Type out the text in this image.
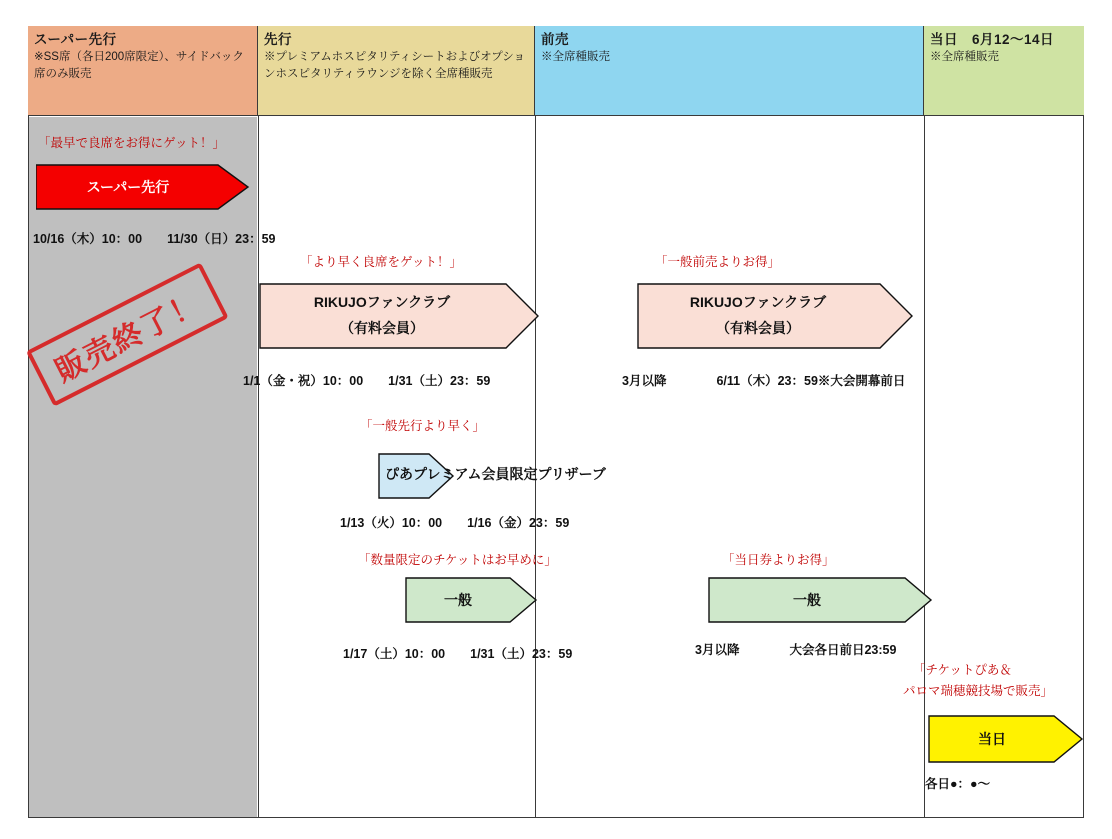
スーパー先行
※SS席（各日200席限定）、サイドバック席のみ販売
先行
※プレミアムホスピタリティシートおよびオプションホスピタリティラウンジを除く全席種販売
前売
※全席種販売
当日　6月12〜14日
※全席種販売
「最早で良席をお得にゲット！」
スーパー先行
10/16（木）10：00　　11/30（日）23：59
販売終了！
「より早く良席をゲット！」
RIKUJOファンクラブ
（有料会員）
1/1（金・祝）10：00　　1/31（土）23：59
「一般前売よりお得」
RIKUJOファンクラブ
（有料会員）
3月以降　　　　6/11（木）23：59※大会開幕前日
「一般先行より早く」
ぴあプレミアム会員限定プリザーブ
1/13（火）10：00　　1/16（金）23：59
「数量限定のチケットはお早めに」
一般
1/17（土）10：00　　1/31（土）23：59
「当日券よりお得」
一般
3月以降　　　　大会各日前日23:59
「チケットぴあ＆
パロマ瑞穂競技場で販売」
当日
各日●：●〜
